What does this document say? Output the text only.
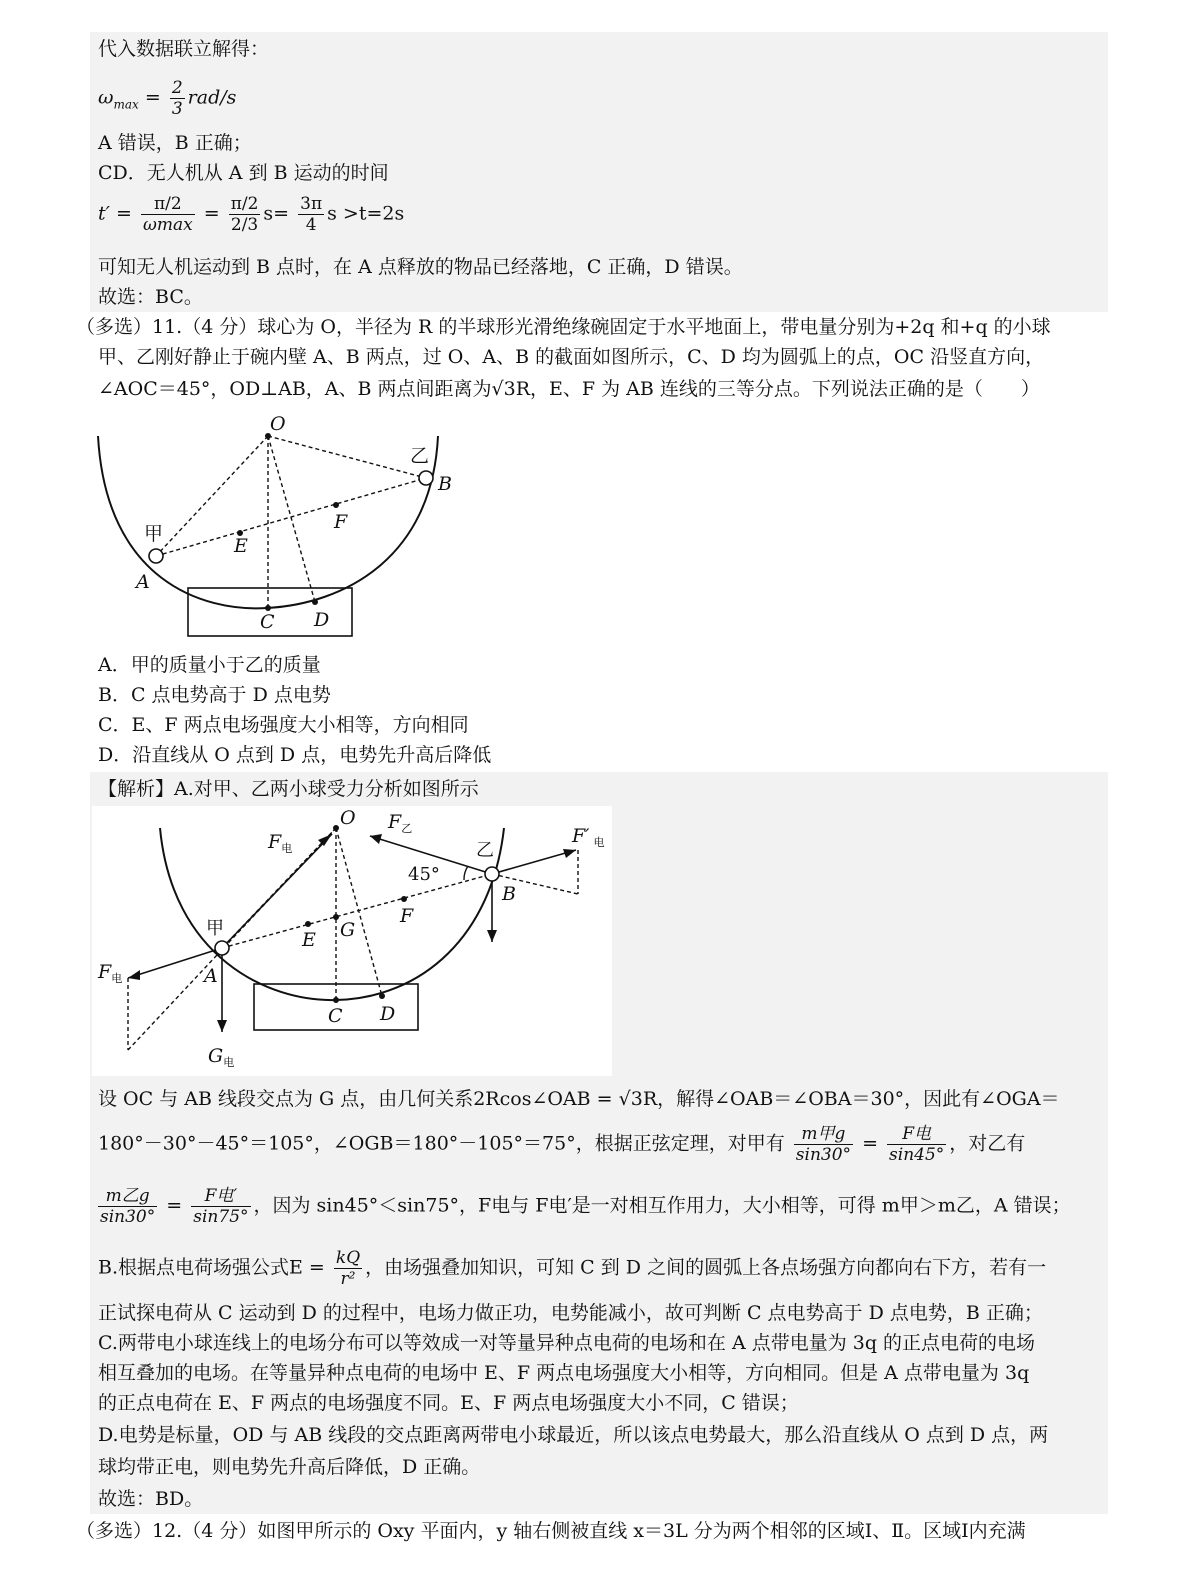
代入数据联立解得：
$\omega_{max} = \frac{2}{3} rad/s$
A 错误，B 正确；
CD．无人机从 A 到 B 运动的时间
$t' = \frac{\pi/2}{\omega\max} = \frac{\pi/2}{2/3} s= \frac{3\pi}{4}$ s >t=2s
可知无人机运动到 B 点时，在 A 点释放的物品已经落地，C 正确，D 错误。
故选：BC。
（多选）11.（4 分）球心为 O，半径为 R 的半球形光滑绝缘碗固定于水平地面上，带电量分别为+2q 和+q 的小球
甲、乙刚好静止于碗内壁 A、B 两点，过 O、A、B 的截面如图所示，C、D 均为圆弧上的点，OC 沿竖直方向，
∠AOC＝45°，OD⊥AB，A、B 两点间距离为√3R，E、F 为 AB 连线的三等分点。下列说法正确的是（　　）
O
B
E
F
A
C D
乙
甲
A．甲的质量小于乙的质量
B．C 点电势高于 D 点电势
C．E、F 两点电场强度大小相等，方向相同
D．沿直线从 O 点到 D 点，电势先升高后降低
【解析】A.对甲、乙两小球受力分析如图所示
O $F_乙$
$F_电$
F′ $_电$
B
F
E G
$F_电$	A
C D
$G_电$
45°
乙
甲
设 OC 与 AB 线段交点为 G 点，由几何关系2Rcos∠OAB = √3R，解得∠OAB＝∠OBA＝30°，因此有∠OGA＝
180°－30°－45°＝105°，∠OGB＝180°－105°＝75°，根据正弦定理，对甲有 $\frac{\text{m甲g}}{\sin 30^\circ} = \frac{\text{F电}}{\sin 45^\circ}$ ，对乙有
$\frac{\text{m乙g}}{\sin 30^\circ} = \frac{\text{F电′}}{\sin 75^\circ}$ ，因为 sin45°＜sin75°，F电与 F电′是一对相互作用力，大小相等，可得 m甲＞m乙，A 错误；
B.根据点电荷场强公式$E = \frac{kQ}{\text{r²}}$ ，由场强叠加知识，可知 C 到 D 之间的圆弧上各点场强方向都向右下方，若有一
正试探电荷从 C 运动到 D 的过程中，电场力做正功，电势能减小，故可判断 C 点电势高于 D 点电势，B 正确；
C.两带电小球连线上的电场分布可以等效成一对等量异种点电荷的电场和在 A 点带电量为 3q 的正点电荷的电场
相互叠加的电场。在等量异种点电荷的电场中 E、F 两点电场强度大小相等，方向相同。但是 A 点带电量为 3q
的正点电荷在 E、F 两点的电场强度不同。E、F 两点电场强度大小不同，C 错误；
D.电势是标量，OD 与 AB 线段的交点距离两带电小球最近，所以该点电势最大，那么沿直线从 O 点到 D 点，两
球均带正电，则电势先升高后降低，D 正确。
故选：BD。
（多选）12.（4 分）如图甲所示的 Oxy 平面内，y 轴右侧被直线 x＝3L 分为两个相邻的区域Ⅰ、Ⅱ。区域Ⅰ内充满
